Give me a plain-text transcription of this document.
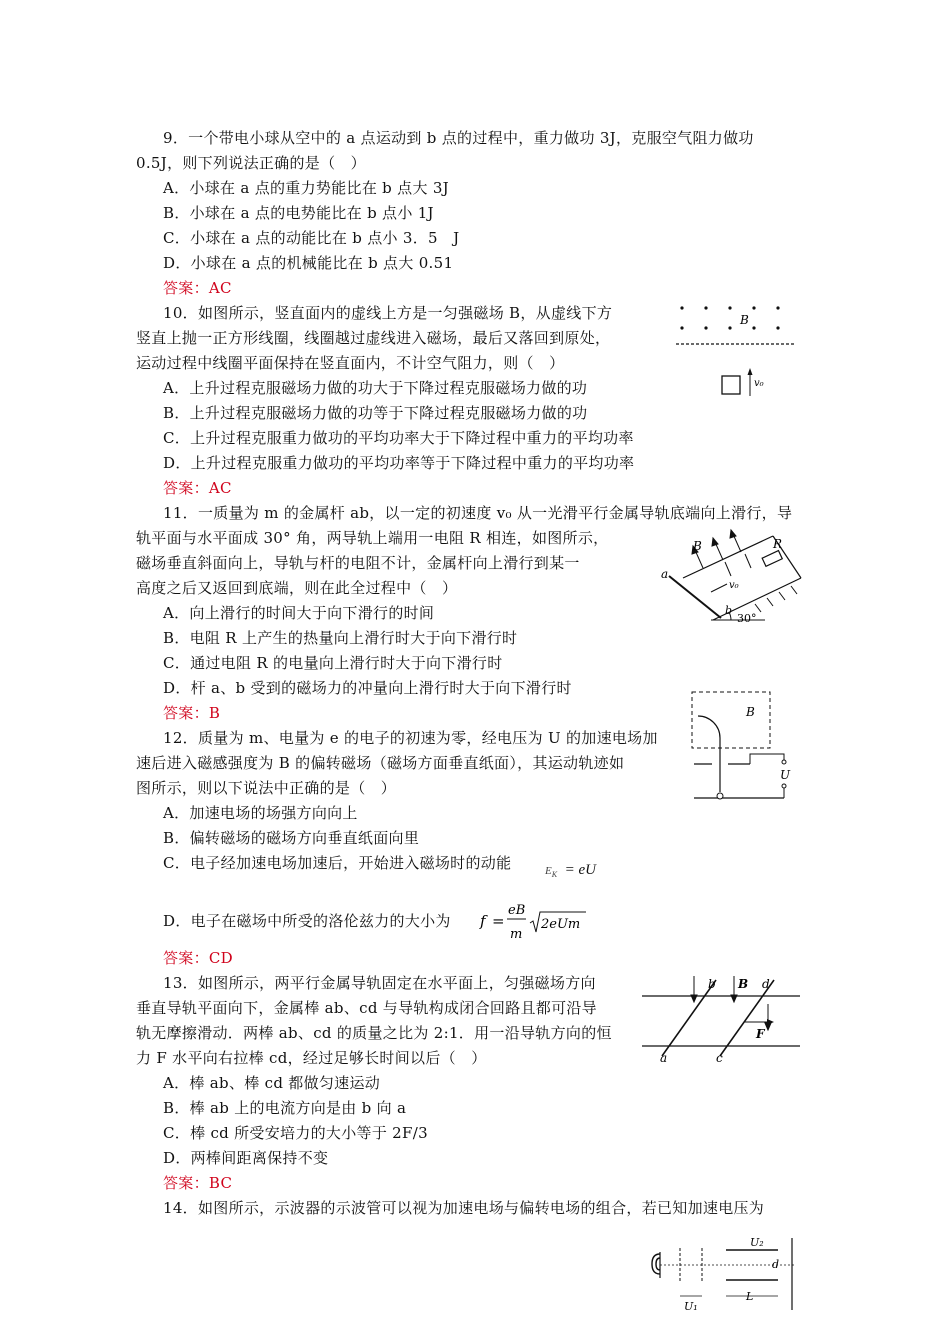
9．一个带电小球从空中的 a 点运动到 b 点的过程中，重力做功 3J，克服空气阻力做功
0.5J，则下列说法正确的是（　）
A．小球在 a 点的重力势能比在 b 点大 3J
B．小球在 a 点的电势能比在 b 点小 1J
C．小球在 a 点的动能比在 b 点小 3．5　J
D．小球在 a 点的机械能比在 b 点大 0.51
答案：AC
10．如图所示，竖直面内的虚线上方是一匀强磁场 B，从虚线下方
竖直上抛一正方形线圈，线圈越过虚线进入磁场，最后又落回到原处，
运动过程中线圈平面保持在竖直面内，不计空气阻力，则（　）
A．上升过程克服磁场力做的功大于下降过程克服磁场力做的功
B．上升过程克服磁场力做的功等于下降过程克服磁场力做的功
C．上升过程克服重力做功的平均功率大于下降过程中重力的平均功率
D．上升过程克服重力做功的平均功率等于下降过程中重力的平均功率
答案：AC
B
v₀
11．一质量为 m 的金属杆 ab，以一定的初速度 v₀ 从一光滑平行金属导轨底端向上滑行，导
轨平面与水平面成 30° 角，两导轨上端用一电阻 R 相连，如图所示，
磁场垂直斜面向上，导轨与杆的电阻不计，金属杆向上滑行到某一
高度之后又返回到底端，则在此全过程中（　）
A．向上滑行的时间大于向下滑行的时间
B．电阻 R 上产生的热量向上滑行时大于向下滑行时
C．通过电阻 R 的电量向上滑行时大于向下滑行时
D．杆 a、b 受到的磁场力的冲量向上滑行时大于向下滑行时
答案：B
R
a
b
v₀
B
30°
12．质量为 m、电量为 e 的电子的初速为零，经电压为 U 的加速电场加
速后进入磁感强度为 B 的偏转磁场（磁场方面垂直纸面），其运动轨迹如
图所示，则以下说法中正确的是（　）
A．加速电场的场强方向向上
B．偏转磁场的磁场方向垂直纸面向里
C．电子经加速电场加速后，开始进入磁场时的动能	$E_K$ = eU
D．电子在磁场中所受的洛伦兹力的大小为 f =
eB
m
2eUm
答案：CD
B
U
13．如图所示，两平行金属导轨固定在水平面上，匀强磁场方向
垂直导轨平面向下，金属棒 ab、cd 与导轨构成闭合回路且都可沿导
轨无摩擦滑动．两棒 ab、cd 的质量之比为 2:1．用一沿导轨方向的恒
力 F 水平向右拉棒 cd，经过足够长时间以后（　）
A．棒 ab、棒 cd 都做匀速运动
B．棒 ab 上的电流方向是由 b 向 a
C．棒 cd 所受安培力的大小等于 2F/3
D．两棒间距离保持不变
答案：BC
b B d
F
a	c
14．如图所示，示波器的示波管可以视为加速电场与偏转电场的组合，若已知加速电压为
U₂
d
U₁
L
